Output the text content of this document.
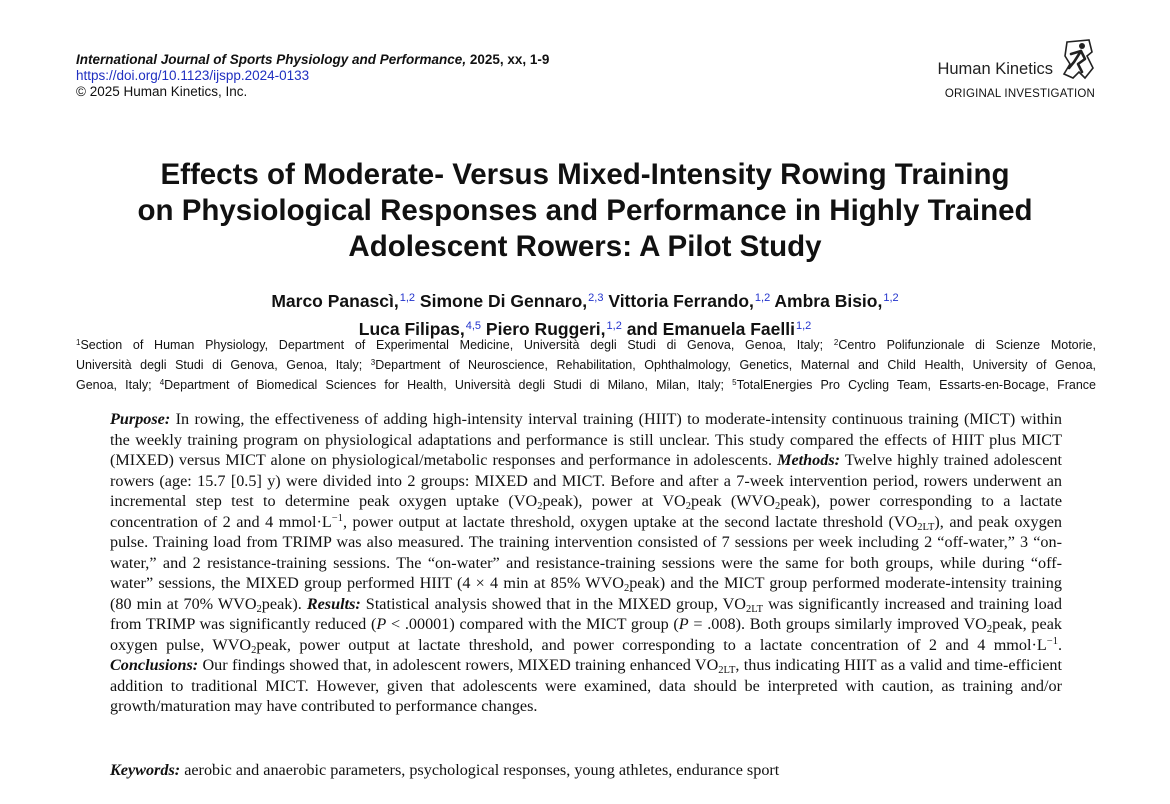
International Journal of Sports Physiology and Performance, 2025, xx, 1-9
https://doi.org/10.1123/ijspp.2024-0133
© 2025 Human Kinetics, Inc.
Human Kinetics
ORIGINAL INVESTIGATION
Effects of Moderate- Versus Mixed-Intensity Rowing Training
on Physiological Responses and Performance in Highly Trained
Adolescent Rowers: A Pilot Study
Marco Panascì,$^{1,2}$ Simone Di Gennaro,$^{2,3}$ Vittoria Ferrando,$^{1,2}$ Ambra Bisio,$^{1,2}$
Luca Filipas,$^{4,5}$ Piero Ruggeri,$^{1,2}$ and Emanuela Faelli$^{1,2}$
$^1$Section of Human Physiology, Department of Experimental Medicine, Università degli Studi di Genova, Genoa, Italy; $^2$Centro Polifunzionale di Scienze Motorie,
Università degli Studi di Genova, Genoa, Italy; $^3$Department of Neuroscience, Rehabilitation, Ophthalmology, Genetics, Maternal and Child Health, University of Genoa,
Genoa, Italy; $^4$Department of Biomedical Sciences for Health, Università degli Studi di Milano, Milan, Italy; $^5$TotalEnergies Pro Cycling Team, Essarts-en-Bocage, France
Purpose: In rowing, the effectiveness of adding high-intensity interval training (HIIT) to moderate-intensity continuous training (MICT) within the weekly training program on physiological adaptations and performance is still unclear. This study compared the effects of HIIT plus MICT (MIXED) versus MICT alone on physiological/metabolic responses and performance in adolescents. Methods: Twelve highly trained adolescent rowers (age: 15.7 [0.5] y) were divided into 2 groups: MIXED and MICT. Before and after a 7-week intervention period, rowers underwent an incremental step test to determine peak oxygen uptake $(VO_2peak)$, power at $VO_2peak$ $(WVO_2peak)$, power corresponding to a lactate concentration of 2 and 4 $mmol\cdot L^{-1}$, power output at lactate threshold, oxygen uptake at the second lactate threshold $(VO_{2LT})$, and peak oxygen pulse. Training load from TRIMP was also measured. The training intervention consisted of 7 sessions per week including 2 “off-water,” 3 “on-water,” and 2 resistance-training sessions. The “on-water” and resistance-training sessions were the same for both groups, while during “off-water” sessions, the MIXED group performed HIIT (4 × 4 min at 85% $WVO_2peak$) and the MICT group performed moderate-intensity training (80 min at 70% $WVO_2peak$). Results: Statistical analysis showed that in the MIXED group, $VO_{2LT}$ was significantly increased and training load from TRIMP was significantly reduced (P < .00001) compared with the MICT group (P = .008). Both groups similarly improved $VO_2peak$, peak oxygen pulse, $WVO_2peak$, power output at lactate threshold, and power corresponding to a lactate concentration of 2 and 4 $mmol\cdot L^{-1}$. Conclusions: Our findings showed that, in adolescent rowers, MIXED training enhanced $VO_{2LT}$, thus indicating HIIT as a valid and time-efficient addition to traditional MICT. However, given that adolescents were examined, data should be interpreted with caution, as training and/or growth/maturation may have contributed to performance changes.
Keywords: aerobic and anaerobic parameters, psychological responses, young athletes, endurance sport
